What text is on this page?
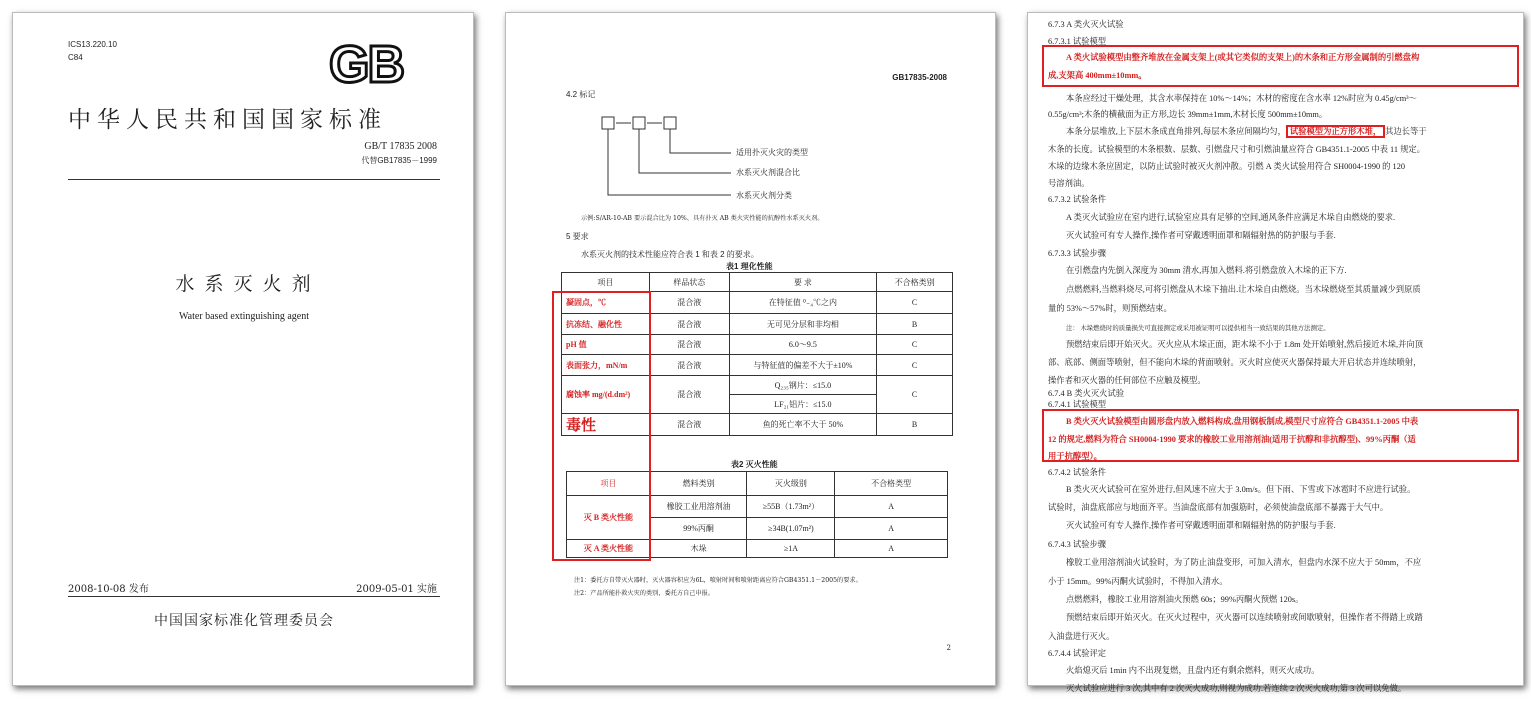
ICS13.220.10
C84	GB
中华人民共和国国家标准
GB/T 17835 2008
代替GB17835－1999
水 系 灭 火 剂
Water based extinguishing agent
2008-10-08 发布	2009-05-01 实施
中国国家标准化管理委员会
GB17835-2008
4.2 标记
适用扑灭火灾的类型
水系灭火剂混合比
水系灭火剂分类
示例:S/AR-10-AB 要示混合比为 10%、具有扑灭 AB 类火灾性能的抗醇性水系灭火剂。
5 要求
水系灭火剂的技术性能应符合表 1 和表 2 的要求。
表1 理化性能
项目	样品状态	要 求	不合格类别
凝固点，℃	混合液	在特征值 ⁰₋₄℃之内	C
抗冻结、融化性	混合液	无可见分层和非均相	B
pH 值	混合液	6.0～9.5	C
表面张力，mN/m	混合液	与特征值的偏差不大于±10%	C
腐蚀率 mg/(d.dm²)	混合液	Q₂₃₅钢片：≤15.0	C
		LF₂₁铝片：≤15.0	
毒性	混合液	鱼的死亡率不大于 50%	B
表2 灭火性能
项目	燃料类别	灭火级别	不合格类型
灭 B 类火性能	橡胶工业用溶剂油	≥55B（1.73m²）	A
	99%丙酮	≥34B(1.07m²)	A
灭 A 类火性能	木垛	≥1A	A
注1：委托方自带灭火器时，灭火器容积应为6L，喷射时间和喷射距离应符合GB4351.1－2005的要求。
注2：产品所能扑救火灾的类别，委托方自己申报。
2
6.7.3 A 类火灭火试验
6.7.3.1 试验模型
A 类火试验模型由整齐堆放在金属支架上(或其它类似的支架上)的木条和正方形金属制的引燃盘构
成,支架高 400mm±10mm。
本条应经过干燥处理，其含水率保持在 10%～14%；木材的密度在含水率 12%时应为 0.45g/cm³～
0.55g/cm³;木条的横截面为正方形,边长 39mm±1mm,木材长度 500mm±10mm。
本条分层堆放,上下层木条成直角排列,每层木条应间隔均匀， 试验模型为正方形木堆， 其边长等于
木条的长度。试验模型的木条根数、层数、引燃盘尺寸和引燃油量应符合 GB4351.1-2005 中表 11 规定。
木垛的边缘木条应固定，以防止试验时被灭火剂冲散。引燃 A 类火试验用符合 SH0004-1990 的 120
号溶剂油。
6.7.3.2 试验条件
A 类灭火试验应在室内进行,试验室应具有足够的空间,通风条件应满足木垛自由燃烧的要求.
灭火试验可有专人操作,操作者可穿戴透明面罩和隔辐射热的防护服与手套.
6.7.3.3 试验步骤
在引燃盘内先倒入深度为 30mm 清水,再加入燃料.将引燃盘放入木垛的正下方.
点燃燃料,当燃料烧尽,可将引燃盘从木垛下抽出.让木垛自由燃烧。当木垛燃烧至其质量减少到原质
量的 53%～57%时，则预燃结束。
注： 木垛燃烧时的质量损失可直接测定或采用被证明可以提供相当一致结果的其他方法测定。
预燃结束后即开始灭火。灭火应从木垛正面，距木垛不小于 1.8m 处开始喷射,然后接近木垛,并向顶
部、底部、侧面等喷射，但不能向木垛的背面喷射。灭火时应使灭火器保持最大开启状态并连续喷射，
操作者和灭火器的任何部位不应触及模型。
6.7.4 B 类火灭火试验
6.7.4.1 试验模型
B 类火灭火试验模型由圆形盘内放入燃料构成,盘用钢板制成,模型尺寸应符合 GB4351.1-2005 中表
12 的规定,燃料为符合 SH0004-1990 要求的橡胶工业用溶剂油(适用于抗醇和非抗醇型)、99%丙酮（适
用于抗醇型）。
6.7.4.2 试验条件
B 类火灭火试验可在室外进行,但风速不应大于 3.0m/s。但下雨、下雪或下冰雹时不应进行试验。
试验时，油盘底部应与地面齐平。当油盘底部有加强筋时，必须使油盘底部不暴露于大气中。
灭火试验可有专人操作,操作者可穿戴透明面罩和隔辐射热的防护服与手套.
6.7.4.3 试验步骤
橡胶工业用溶剂油火试验时，为了防止油盘变形，可加入清水，但盘内水深不应大于 50mm，不应
小于 15mm。99%丙酮火试验时，不得加入清水。
点燃燃料，橡胶工业用溶剂油火预燃 60s；99%丙酮火预燃 120s。
预燃结束后即开始灭火。在灭火过程中，灭火器可以连续喷射或间歇喷射，但操作者不得踏上或踏
入油盘进行灭火。
6.7.4.4 试验评定
火焰熄灭后 1min 内不出现复燃，且盘内还有剩余燃料，则灭火成功。
灭火试验应进行 3 次,其中有 2 次灭火成功,则视为成功.若连续 2 次灭火成功,第 3 次可以免做。
